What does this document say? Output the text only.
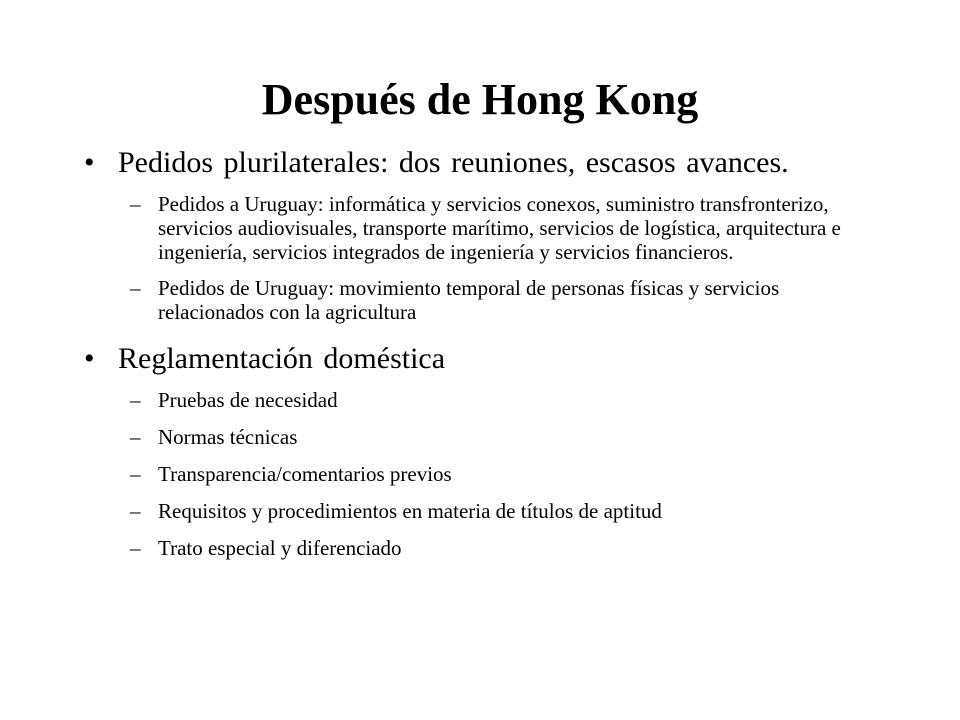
Después de Hong Kong
• Pedidos plurilaterales: dos reuniones, escasos avances.
– Pedidos a Uruguay: informática y servicios conexos, suministro transfronterizo, servicios audiovisuales, transporte marítimo, servicios de logística, arquitectura e ingeniería, servicios integrados de ingeniería y servicios financieros.
– Pedidos de Uruguay: movimiento temporal de personas físicas y servicios relacionados con la agricultura
• Reglamentación doméstica
– Pruebas de necesidad
– Normas técnicas
– Transparencia/comentarios previos
– Requisitos y procedimientos en materia de títulos de aptitud
– Trato especial y diferenciado
